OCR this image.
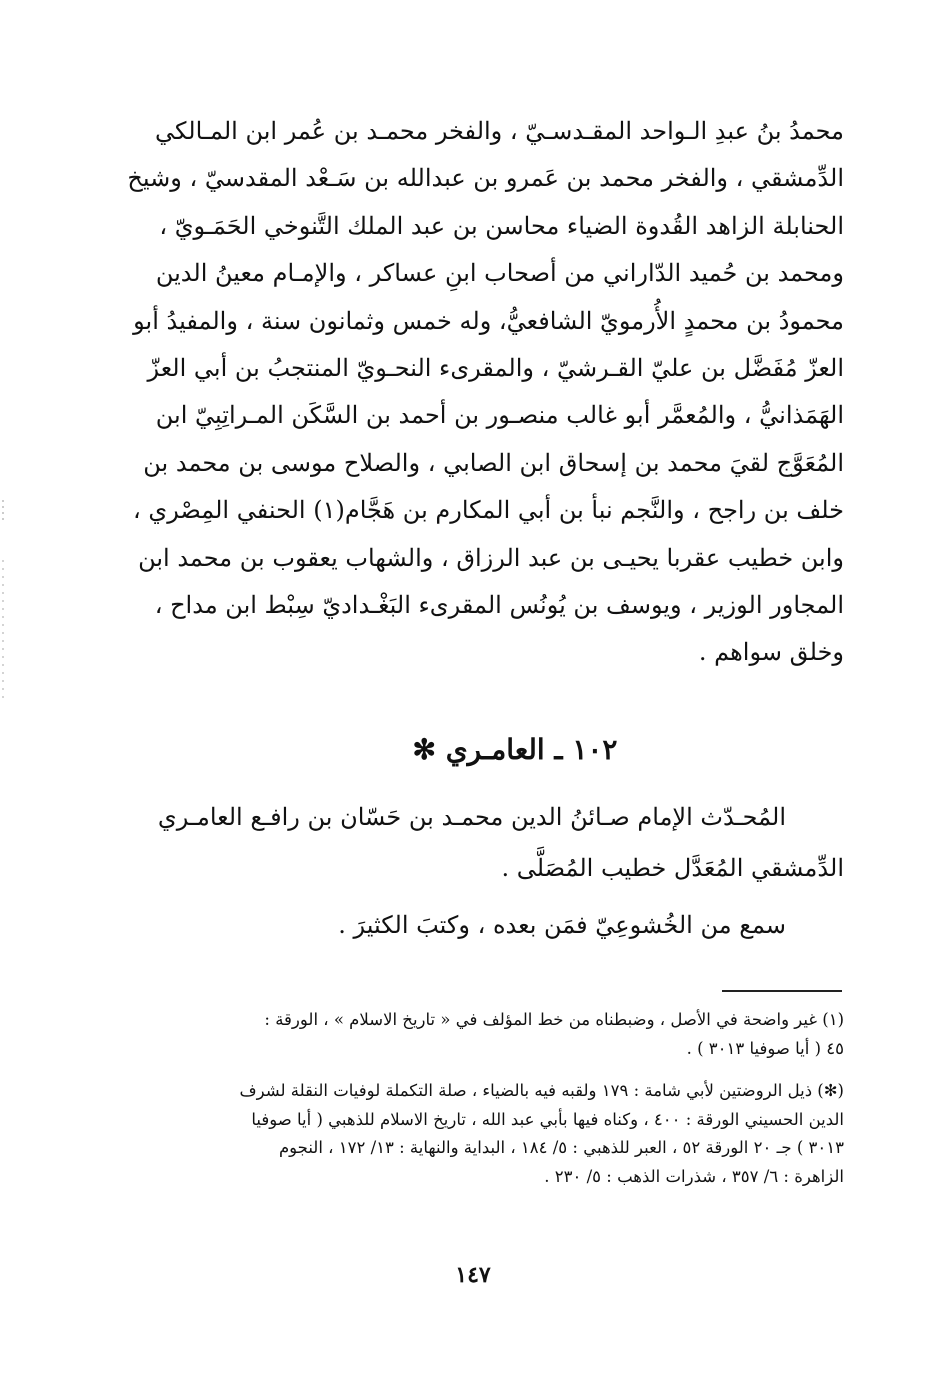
محمدُ بنُ عبدِ الـواحد المقـدسـيّ ، والفخر محمـد بن عُمر ابن المـالكي
الدِّمشقي ، والفخر محمد بن عَمرو بن عبدالله بن سَـعْد المقدسيّ ، وشيخ
الحنابلة الزاهد القُدوة الضياء محاسن بن عبد الملك التَّنوخي الحَمَـويّ ،
ومحمد بن حُميد الدّاراني من أصحاب ابنِ عساكر ، والإمـام معينُ الدين
محمودُ بن محمدٍ الأُرمويّ الشافعيُّ، وله خمس وثمانون سنة ، والمفيدُ أبو
العزّ مُفَضَّل بن عليّ القـرشيّ ، والمقرىء النحـويّ المنتجبُ بن أبي العزّ
الهَمَذانيُّ ، والمُعمَّر أبو غالب منصـور بن أحمد بن السَّكَن المـراتِبِيّ ابن
المُعَوَّج لقيَ محمد بن إسحاق ابن الصابي ، والصلاح موسى بن محمد بن
خلف بن راجح ، والنَّجم نبأ بن أبي المكارم بن هَجَّام(١) الحنفي المِصْري ،
وابن خطيب عقربا يحيـى بن عبد الرزاق ، والشهاب يعقوب بن محمد ابن
المجاور الوزير ، ويوسف بن يُونُس المقرىء البَغْـداديّ سِبْط ابن مداح ،
وخلق سواهم .
١٠٢ ـ العامـري ✻
المُحـدّث الإمام صـائنُ الدين محمـد بن حَسّان بن رافـع العامـري
الدِّمشقي المُعَدَّل خطيب المُصَلَّى .
سمع من الخُشوعِيّ فمَن بعده ، وكتبَ الكثيرَ .
(١) غير واضحة في الأصل ، وضبطناه من خط المؤلف في « تاريخ الاسلام » ، الورقة :
٤٥ ( أيا صوفيا ٣٠١٣ ) .
(✻) ذيل الروضتين لأبي شامة : ١٧٩ ولقبه فيه بالضياء ، صلة التكملة لوفيات النقلة لشرف
الدين الحسيني الورقة : ٤٠٠ ، وكناه فيها بأبي عبد الله ، تاريخ الاسلام للذهبي ( أيا صوفيا
٣٠١٣ ) جـ ٢٠ الورقة ٥٢ ، العبر للذهبي : ٥/ ١٨٤ ، البداية والنهاية : ١٣/ ١٧٢ ، النجوم
الزاهرة : ٦/ ٣٥٧ ، شذرات الذهب : ٥/ ٢٣٠ .
١٤٧
